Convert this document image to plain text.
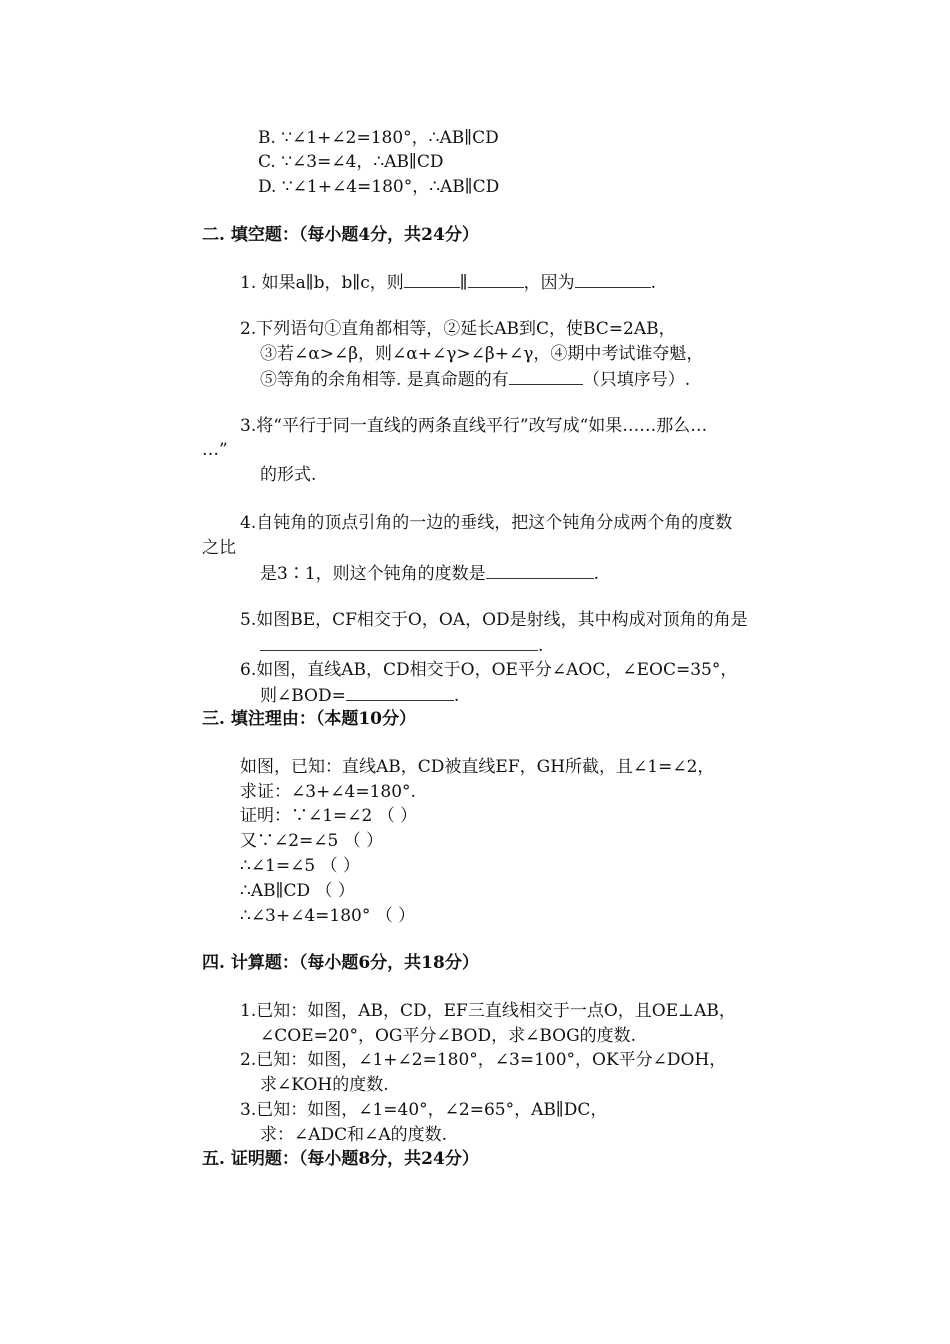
B. ∵∠1+∠2=180°，∴AB∥CD
C. ∵∠3=∠4，∴AB∥CD
D. ∵∠1+∠4=180°，∴AB∥CD
二. 填空题：（每小题4分，共24分）
1. 如果a∥b，b∥c，则	∥	，因为	.
2.下列语句①直角都相等，②延长AB到C，使BC=2AB，
③若∠α>∠β，则∠α+∠γ>∠β+∠γ，④期中考试谁夺魁，
⑤等角的余角相等. 是真命题的有	（只填序号）.
3.将“平行于同一直线的两条直线平行”改写成“如果……那么…
…”
的形式.
4.自钝角的顶点引角的一边的垂线，把这个钝角分成两个角的度数
之比
是3∶1，则这个钝角的度数是	.
5.如图BE，CF相交于O，OA，OD是射线，其中构成对顶角的角是
.
6.如图，直线AB，CD相交于O，OE平分∠AOC，∠EOC=35°，
则∠BOD=	.
三. 填注理由：（本题10分）
如图，已知：直线AB，CD被直线EF，GH所截，且∠1=∠2，
求证：∠3+∠4=180°.
证明：∵∠1=∠2 （ ）
又∵∠2=∠5 （ ）
∴∠1=∠5 （ ）
∴AB∥CD （ ）
∴∠3+∠4=180° （ ）
四. 计算题：（每小题6分，共18分）
1.已知：如图，AB，CD，EF三直线相交于一点O，且OE⊥AB，
∠COE=20°，OG平分∠BOD，求∠BOG的度数.
2.已知：如图，∠1+∠2=180°，∠3=100°，OK平分∠DOH，
求∠KOH的度数.
3.已知：如图，∠1=40°，∠2=65°，AB∥DC，
求：∠ADC和∠A的度数.
五. 证明题：（每小题8分，共24分）
